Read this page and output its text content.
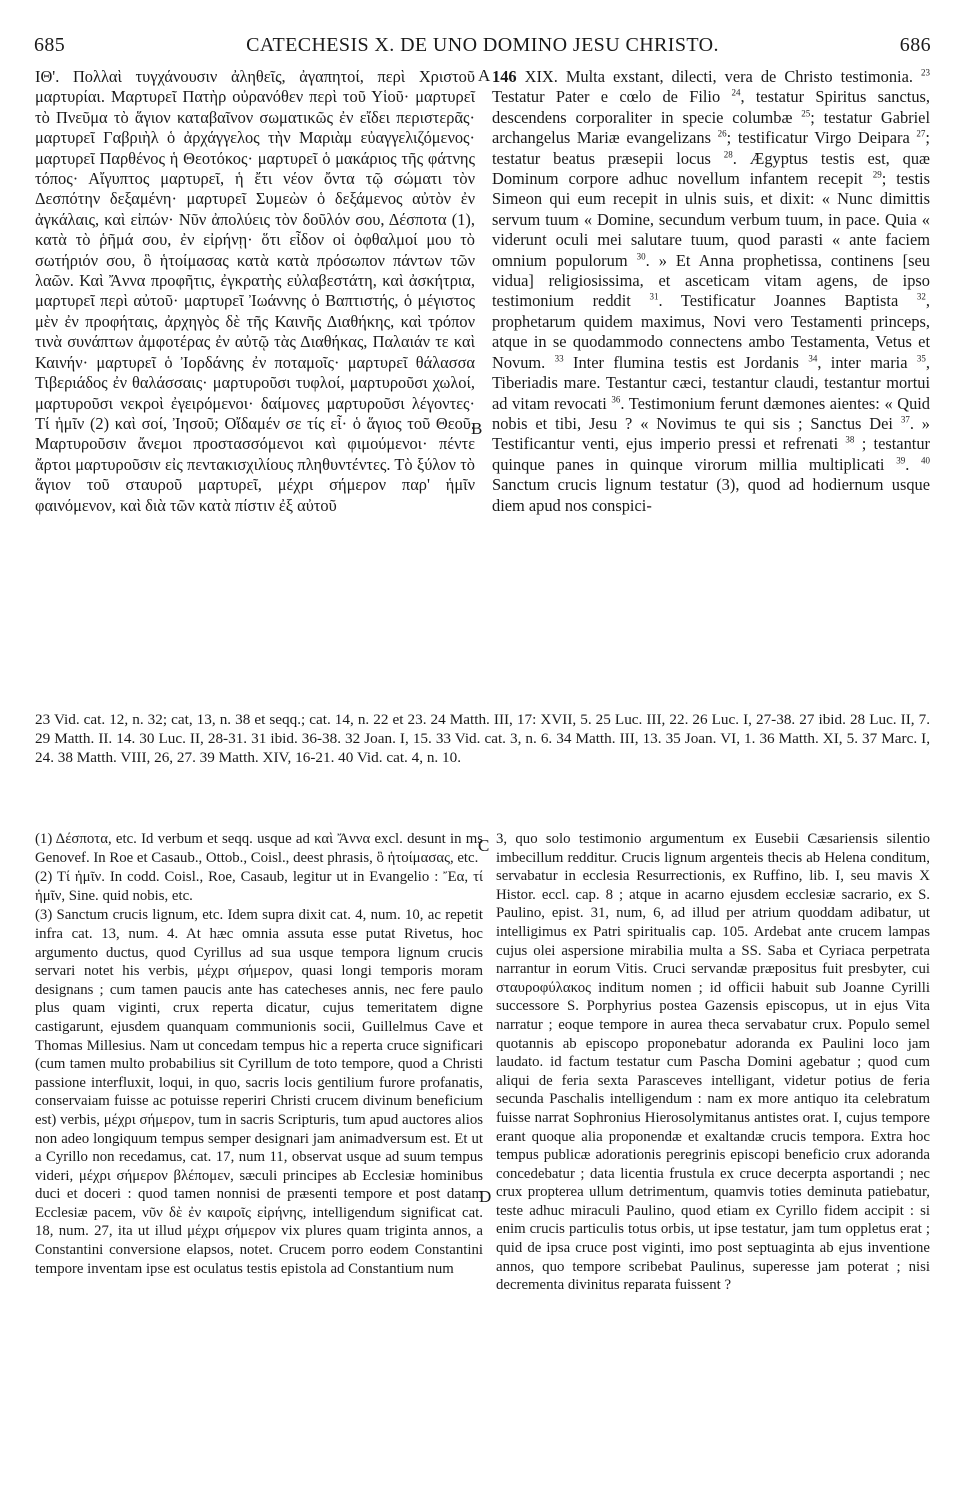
685	CATECHESIS X. DE UNO DOMINO JESU CHRISTO.	686
ΙΘ'. Πολλαὶ τυγχάνουσιν ἀληθεῖς, ἀγαπητοί, περὶ Χριστοῦ μαρτυρίαι. Μαρτυρεῖ Πατὴρ οὐρανόθεν περὶ τοῦ Υἱοῦ· μαρτυρεῖ τὸ Πνεῦμα τὸ ἅγιον καταβαῖνον σωματικῶς ἐν εἴδει περιστερᾶς· μαρτυρεῖ Γαβριὴλ ὁ ἀρχάγγελος τὴν Μαριὰμ εὐαγγελιζόμενος· μαρτυρεῖ Παρθένος ἡ Θεοτόκος· μαρτυρεῖ ὁ μακάριος τῆς φάτνης τόπος· Αἴγυπτος μαρτυρεῖ, ἡ ἔτι νέον ὄντα τῷ σώματι τὸν Δεσπότην δεξαμένη· μαρτυρεῖ Συμεὼν ὁ δεξάμενος αὐτὸν ἐν ἀγκάλαις, καὶ εἰπών· Νῦν ἀπολύεις τὸν δοῦλόν σου, Δέσποτα (1), κατὰ τὸ ῥῆμά σου, ἐν εἰρήνῃ· ὅτι εἶδον οἱ ὀφθαλμοί μου τὸ σωτήριόν σου, ὃ ἡτοίμασας κατὰ κατὰ πρόσωπον πάντων τῶν λαῶν. Καὶ Ἄννα προφῆτις, ἐγκρατὴς εὐλαβεστάτη, καὶ ἀσκήτρια, μαρτυρεῖ περὶ αὐτοῦ· μαρτυρεῖ Ἰωάννης ὁ Βαπτιστής, ὁ μέγιστος μὲν ἐν προφήταις, ἀρχηγὸς δὲ τῆς Καινῆς Διαθήκης, καὶ τρόπον τινὰ συνάπτων ἀμφοτέρας ἐν αὐτῷ τὰς Διαθήκας, Παλαιάν τε καὶ Καινήν· μαρτυρεῖ ὁ Ἰορδάνης ἐν ποταμοῖς· μαρτυρεῖ θάλασσα Τιβεριάδος ἐν θαλάσσαις· μαρτυροῦσι τυφλοί, μαρτυροῦσι χωλοί, μαρτυροῦσι νεκροὶ ἐγειρόμενοι· δαίμονες μαρτυροῦσι λέγοντες· Τί ἡμῖν (2) καὶ σοί, Ἰησοῦ; Οἴδαμέν σε τίς εἶ· ὁ ἅγιος τοῦ Θεοῦ. Μαρτυροῦσιν ἄνεμοι προστασσόμενοι καὶ φιμούμενοι· πέντε ἄρτοι μαρτυροῦσιν εἰς πεντακισχιλίους πληθυντέντες. Τὸ ξύλον τὸ ἅγιον τοῦ σταυροῦ μαρτυρεῖ, μέχρι σήμερον παρ' ἡμῖν φαινόμενον, καὶ διὰ τῶν κατὰ πίστιν ἐξ αὐτοῦ
146 XIX. Multa exstant, dilecti, vera de Christo testimonia. $^{23}$ Testatur Pater e cœlo de Filio $^{24}$, testatur Spiritus sanctus, descendens corporaliter in specie columbæ $^{25}$; testatur Gabriel archangelus Mariæ evangelizans $^{26}$; testificatur Virgo Deipara $^{27}$; testatur beatus præsepii locus $^{28}$. Ægyptus testis est, quæ Dominum corpore adhuc novellum infantem recepit $^{29}$; testis Simeon qui eum recepit in ulnis suis, et dixit: « Nunc dimittis servum tuum « Domine, secundum verbum tuum, in pace. Quia « viderunt oculi mei salutare tuum, quod parasti « ante faciem omnium populorum $^{30}$. » Et Anna prophetissa, continens [seu vidua] religiosissima, et asceticam vitam agens, de ipso testimonium reddit $^{31}$. Testificatur Joannes Baptista $^{32}$, prophetarum quidem maximus, Novi vero Testamenti princeps, atque in se quodammodo connectens ambo Testamenta, Vetus et Novum. $^{33}$ Inter flumina testis est Jordanis $^{34}$, inter maria $^{35}$, Tiberiadis mare. Testantur cæci, testantur claudi, testantur mortui ad vitam revocati $^{36}$. Testimonium ferunt dæmones aientes: « Quid nobis et tibi, Jesu ? « Novimus te qui sis ; Sanctus Dei $^{37}$. » Testificantur venti, ejus imperio pressi et refrenati $^{38}$ ; testantur quinque panes in quinque virorum millia multiplicati $^{39}$. $^{40}$ Sanctum crucis lignum testatur (3), quod ad hodiernum usque diem apud nos conspici-
A
B
C
D
23 Vid. cat. 12, n. 32; cat, 13, n. 38 et seqq.; cat. 14, n. 22 et 23. 24 Matth. III, 17: XVII, 5. 25 Luc. III, 22. 26 Luc. I, 27-38. 27 ibid. 28 Luc. II, 7. 29 Matth. II. 14. 30 Luc. II, 28-31. 31 ibid. 36-38. 32 Joan. I, 15. 33 Vid. cat. 3, n. 6. 34 Matth. III, 13. 35 Joan. VI, 1. 36 Matth. XI, 5. 37 Marc. I, 24. 38 Matth. VIII, 26, 27. 39 Matth. XIV, 16-21. 40 Vid. cat. 4, n. 10.

(1) Δέσποτα, etc. Id verbum et seqq. usque ad καὶ Ἄννα excl. desunt in ms Genovef. In Roe et Casaub., Ottob., Coisl., deest phrasis, ὃ ἡτοίμασας, etc.

(2) Τί ἡμῖν. In codd. Coisl., Roe, Casaub, legitur ut in Evangelio : Ἔα, τί ἡμῖν, Sine. quid nobis, etc.

(3) Sanctum crucis lignum, etc. Idem supra dixit cat. 4, num. 10, ac repetit infra cat. 13, num. 4. At hæc omnia assuta esse putat Rivetus, hoc argumento ductus, quod Cyrillus ad sua usque tempora lignum crucis servari notet his verbis, μέχρι σήμερον, quasi longi temporis moram designans ; cum tamen paucis ante has catecheses annis, nec fere paulo plus quam viginti, crux reperta dicatur, cujus temeritatem digne castigarunt, ejusdem quanquam communionis socii, Guillelmus Cave et Thomas Millesius. Nam ut concedam tempus hic a reperta cruce significari (cum tamen multo probabilius sit Cyrillum de toto tempore, quod a Christi passione interfluxit, loqui, in quo, sacris locis gentilium furore profanatis, conservaiam fuisse ac potuisse reperiri Christi crucem divinum beneficium est) verbis, μέχρι σήμερον, tum in sacris Scripturis, tum apud auctores alios non adeo longiquum tempus semper designari jam animadversum est. Et ut a Cyrillo non recedamus, cat. 17, num 11, observat usque ad suum tempus videri, μέχρι σήμερον βλέπομεν, sæculi principes ab Ecclesiæ hominibus duci et doceri : quod tamen nonnisi de præsenti tempore et post datam Ecclesiæ pacem, νῦν δὲ ἐν καιροῖς εἰρήνης, intelligendum significat cat. 18, num. 27, ita ut illud μέχρι σήμερον vix plures quam triginta annos, a Constantini conversione elapsos, notet. Crucem porro eodem Constantini tempore inventam ipse est oculatus testis epistola ad Constantium num

3, quo solo testimonio argumentum ex Eusebii Cæsariensis silentio imbecillum redditur. Crucis lignum argenteis thecis ab Helena conditum, servabatur in ecclesia Resurrectionis, ex Ruffino, lib. I, seu mavis X Histor. eccl. cap. 8 ; atque in acarno ejusdem ecclesiæ sacrario, ex S. Paulino, epist. 31, num, 6, ad illud per atrium quoddam adibatur, ut intelligimus ex Patri spiritualis cap. 105. Ardebat ante crucem lampas cujus olei aspersione mirabilia multa a SS. Saba et Cyriaca perpetrata narrantur in eorum Vitis. Cruci servandæ præpositus fuit presbyter, cui σταυροφύλακος inditum nomen ; id officii habuit sub Joanne Cyrilli successore S. Porphyrius postea Gazensis episcopus, ut in ejus Vita narratur ; eoque tempore in aurea theca servabatur crux. Populo semel quotannis ab episcopo proponebatur adoranda ex Paulini loco jam laudato. id factum testatur cum Pascha Domini agebatur ; quod cum aliqui de feria sexta Parasceves intelligant, videtur potius de feria secunda Paschalis intelligendum : nam ex more antiquo ita celebratum fuisse narrat Sophronius Hierosolymitanus antistes orat. I, cujus tempore erant quoque alia proponendæ et exaltandæ crucis tempora. Extra hoc tempus publicæ adorationis peregrinis episcopi beneficio crux adoranda concedebatur ; data licentia frustula ex cruce decerpta asportandi ; nec crux propterea ullum detrimentum, quamvis toties deminuta patiebatur, teste adhuc miraculi Paulino, quod etiam ex Cyrillo fidem accipit : si enim crucis particulis totus orbis, ut ipse testatur, jam tum oppletus erat ; quid de ipsa cruce post viginti, imo post septuaginta ab ejus inventione annos, quo tempore scribebat Paulinus, superesse jam poterat ; nisi decrementa divinitus reparata fuissent ?
